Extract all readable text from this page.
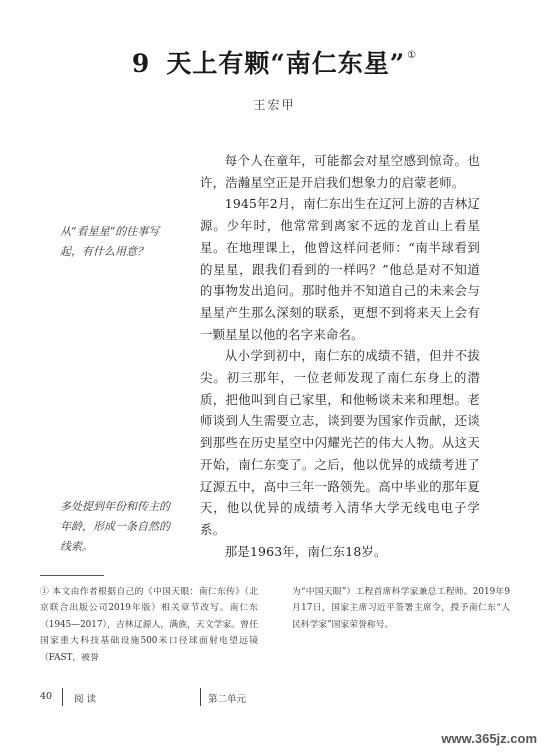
9 天上有颗“南仁东星” ①
王宏甲

每个人在童年，可能都会对星空感到惊奇。也许，浩瀚星空正是开启我们想象力的启蒙老师。

1945年2月，南仁东出生在辽河上游的吉林辽源。少年时，他常常到离家不远的龙首山上看星星。在地理课上，他曾这样问老师：“南半球看到的星星，跟我们看到的一样吗？”他总是对不知道的事物发出追问。那时他并不知道自己的未来会与星星产生那么深刻的联系，更想不到将来天上会有一颗星星以他的名字来命名。

从小学到初中，南仁东的成绩不错，但并不拔尖。初三那年，一位老师发现了南仁东身上的潜质，把他叫到自己家里，和他畅谈未来和理想。老师谈到人生需要立志，谈到要为国家作贡献，还谈到那些在历史星空中闪耀光芒的伟大人物。从这天开始，南仁东变了。之后，他以优异的成绩考进了辽源五中，高中三年一路领先。高中毕业的那年夏天，他以优异的成绩考入清华大学无线电电子学系。

那是1963年，南仁东18岁。

从“看星星”的往事写起，有什么用意？
多处提到年份和传主的年龄，形成一条自然的线索。
① 本文由作者根据自己的《中国天眼：南仁东传》（北京联合出版公司2019年版）相关章节改写。南仁东（1945—2017），吉林辽源人，满族，天文学家。曾任国家重大科技基础设施500米口径球面射电望远镜（FAST，被誉
为“中国天眼”）工程首席科学家兼总工程师。2019年9月17日，国家主席习近平签署主席令，授予南仁东“人民科学家”国家荣誉称号。
40 阅 读	第二单元
www.365jz.com
